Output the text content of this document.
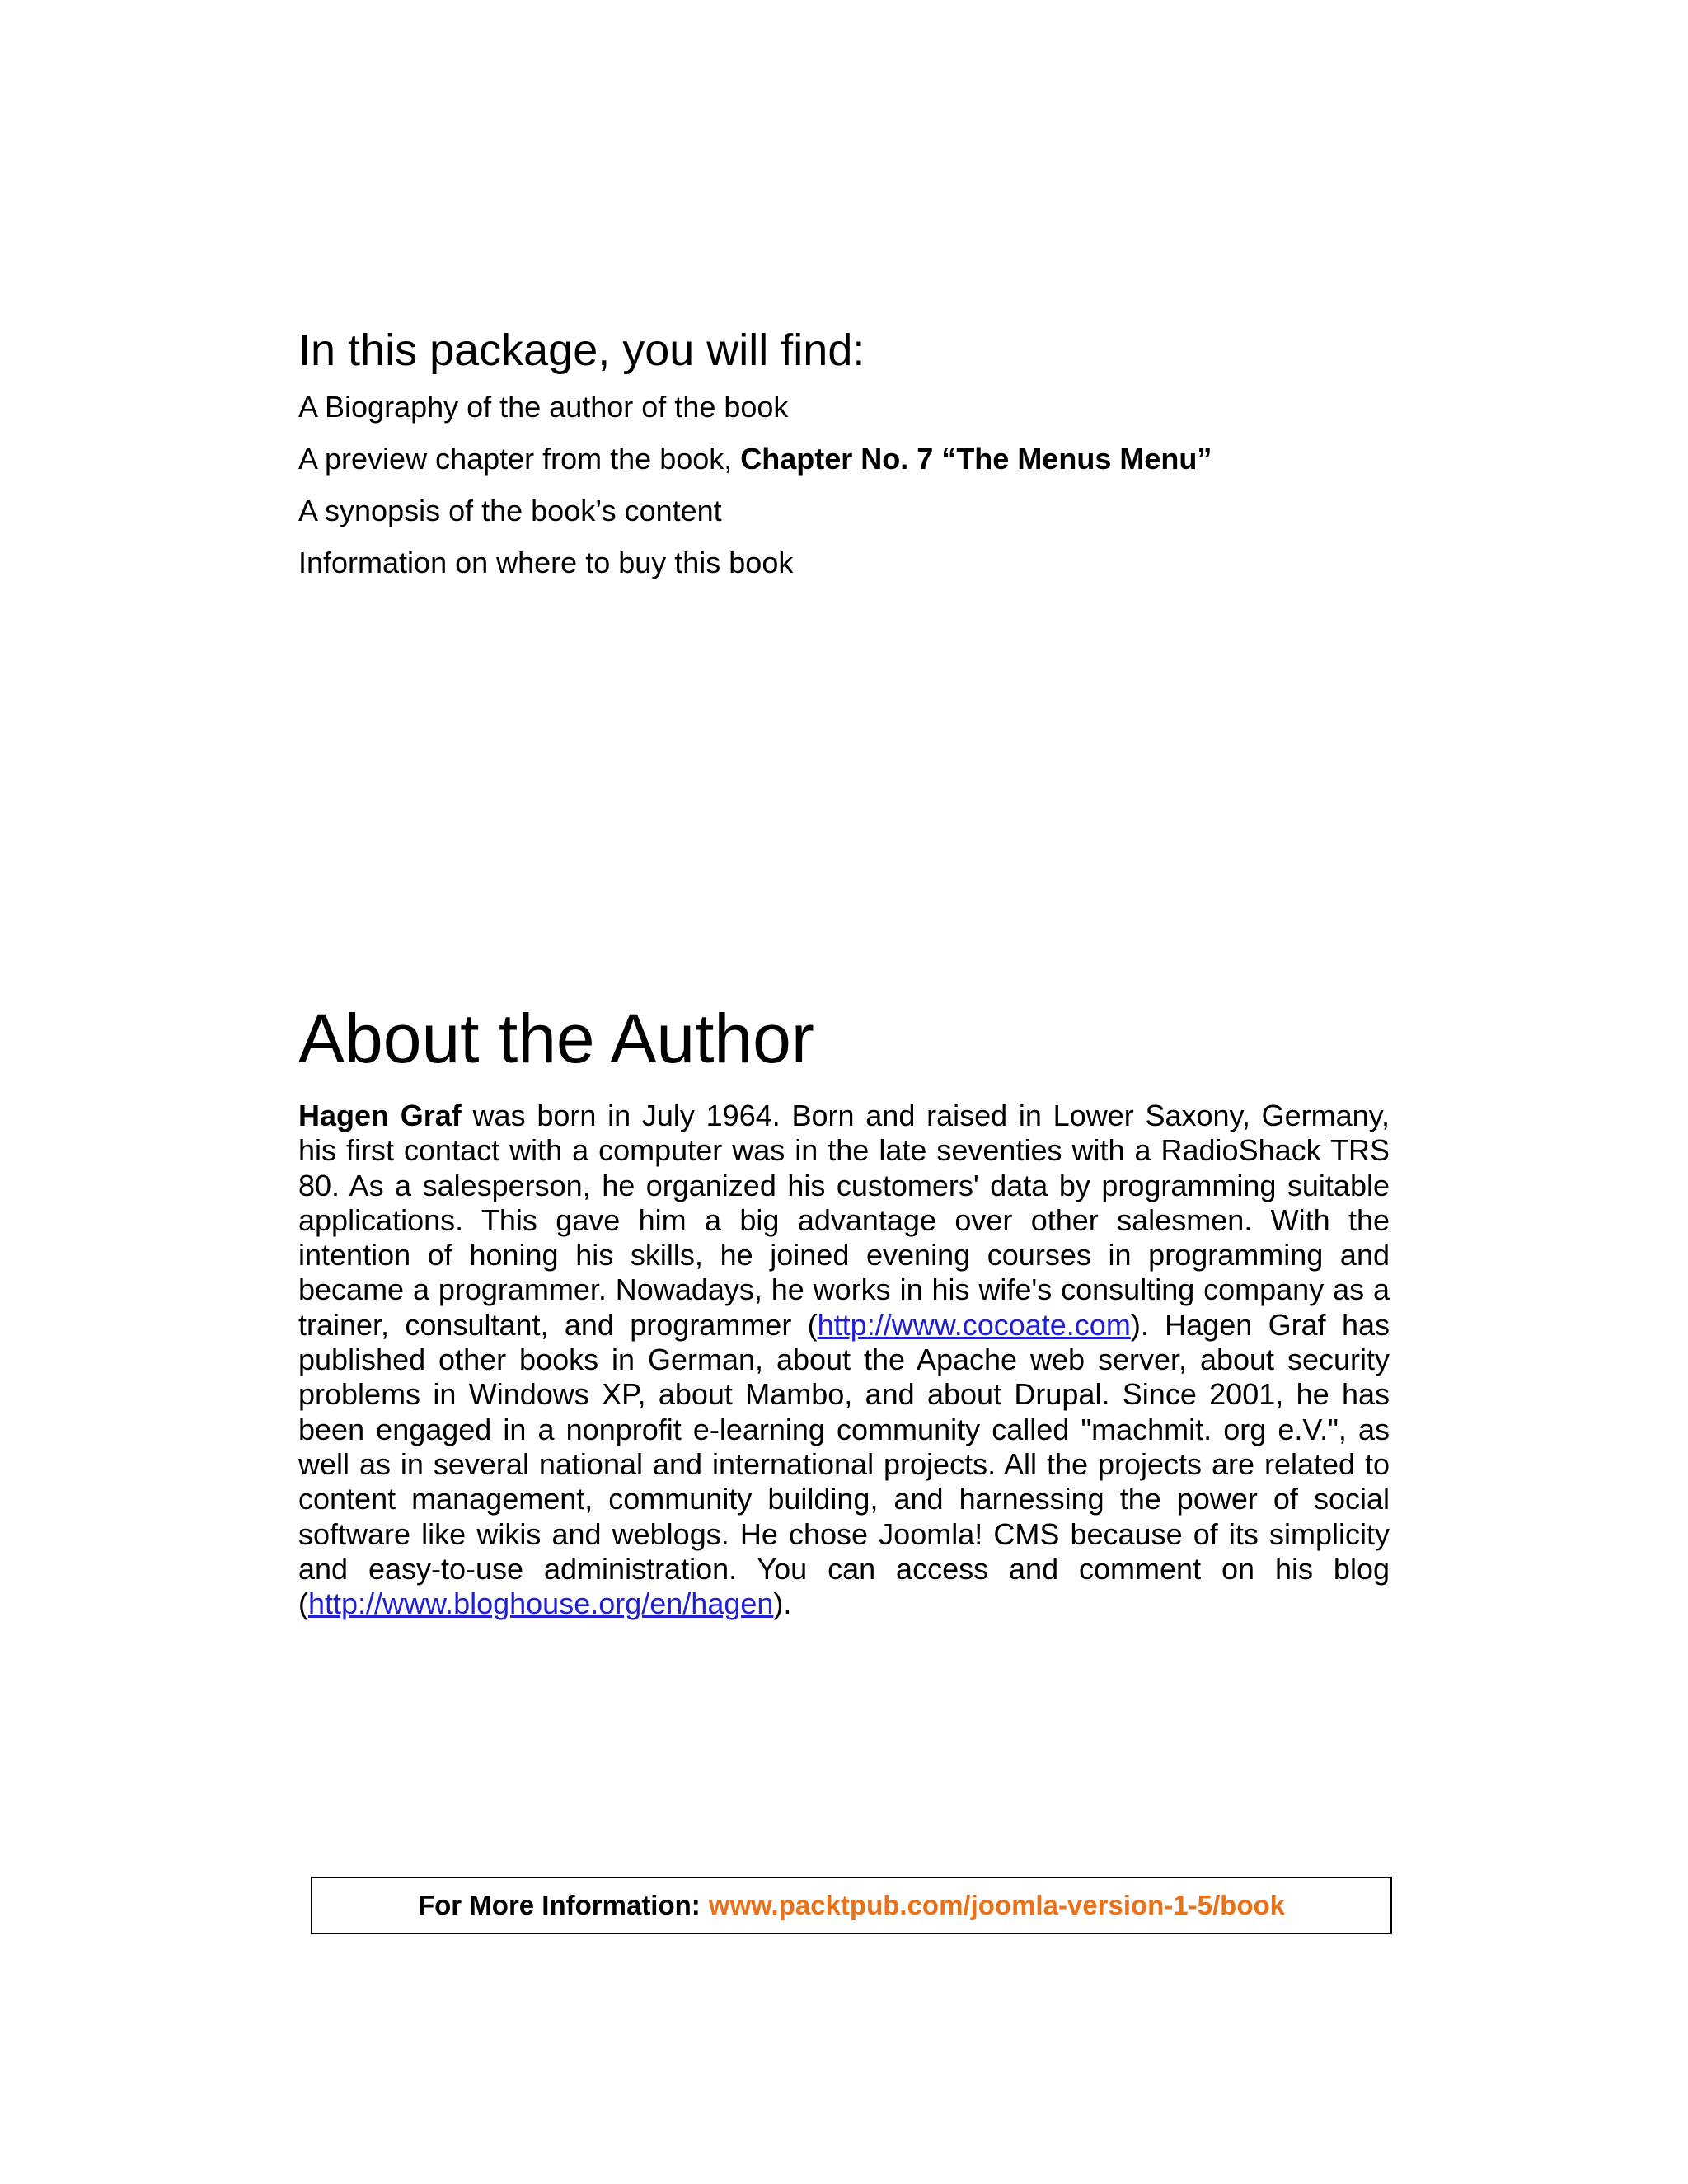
In this package, you will find:

A Biography of the author of the book

A preview chapter from the book, Chapter No. 7 “The Menus Menu”

A synopsis of the book’s content

Information on where to buy this book

About the Author

Hagen Graf was born in July 1964. Born and raised in Lower Saxony, Germany, his first contact with a computer was in the late seventies with a RadioShack TRS 80. As a salesperson, he organized his customers' data by programming suitable applications. This gave him a big advantage over other salesmen. With the intention of honing his skills, he joined evening courses in programming and became a programmer. Nowadays, he works in his wife's consulting company as a trainer, consultant, and programmer (http://www.cocoate.com). Hagen Graf has published other books in German, about the Apache web server, about security problems in Windows XP, about Mambo, and about Drupal. Since 2001, he has been engaged in a nonprofit e-learning community called "machmit. org e.V.", as well as in several national and international projects. All the projects are related to content management, community building, and harnessing the power of social software like wikis and weblogs. He chose Joomla! CMS because of its simplicity and easy-to-use administration. You can access and comment on his blog (http://www.bloghouse.org/en/hagen).

For More Information: www.packtpub.com/joomla-version-1-5/book
